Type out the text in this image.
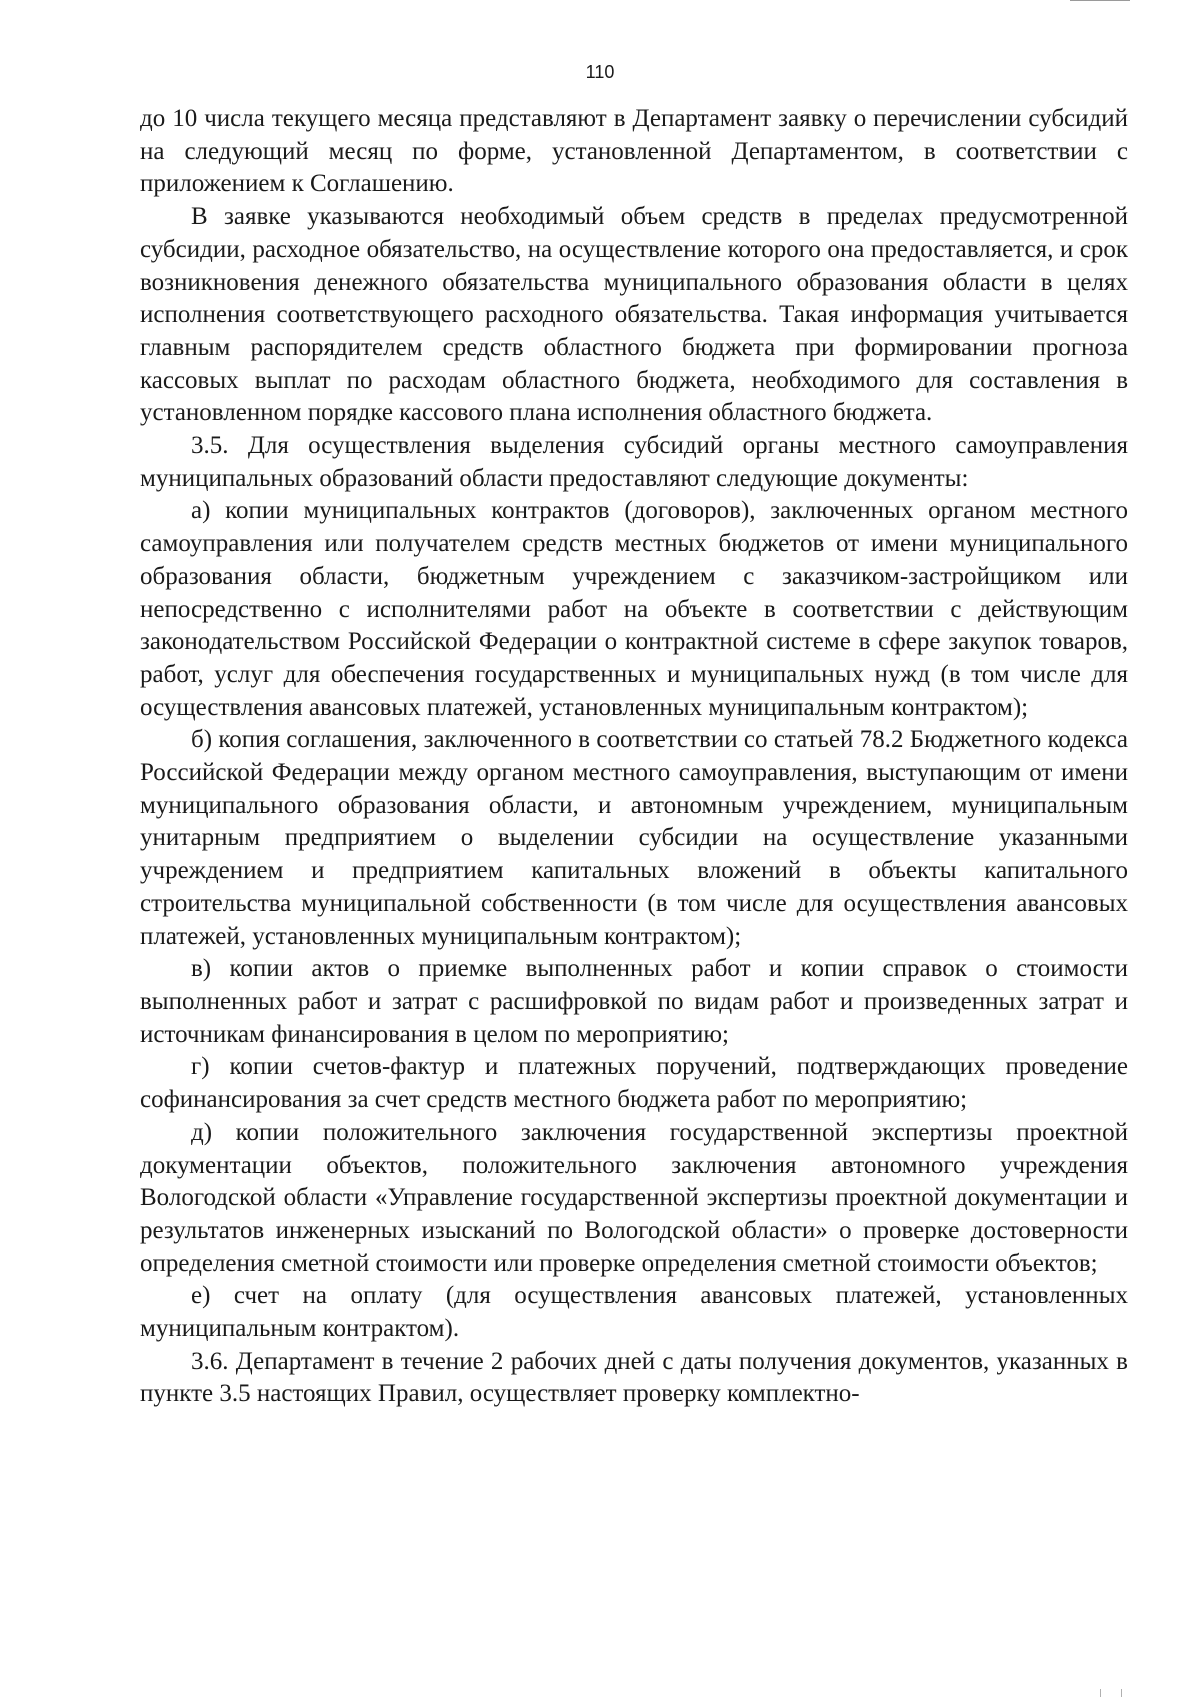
110

до 10 числа текущего месяца представляют в Департамент заявку о перечислении субсидий на следующий месяц по форме, установленной Департаментом, в соответствии с приложением к Соглашению.

В заявке указываются необходимый объем средств в пределах предусмотренной субсидии, расходное обязательство, на осуществление которого она предоставляется, и срок возникновения денежного обязательства муниципального образования области в целях исполнения соответствующего расходного обязательства. Такая информация учитывается главным распорядителем средств областного бюджета при формировании прогноза кассовых выплат по расходам областного бюджета, необходимого для составления в установленном порядке кассового плана исполнения областного бюджета.

3.5. Для осуществления выделения субсидий органы местного самоуправления муниципальных образований области предоставляют следующие документы:

а) копии муниципальных контрактов (договоров), заключенных органом местного самоуправления или получателем средств местных бюджетов от имени муниципального образования области, бюджетным учреждением с заказчиком-застройщиком или непосредственно с исполнителями работ на объекте в соответствии с действующим законодательством Российской Федерации о контрактной системе в сфере закупок товаров, работ, услуг для обеспечения государственных и муниципальных нужд (в том числе для осуществления авансовых платежей, установленных муниципальным контрактом);

б) копия соглашения, заключенного в соответствии со статьей 78.2 Бюджетного кодекса Российской Федерации между органом местного самоуправления, выступающим от имени муниципального образования области, и автономным учреждением, муниципальным унитарным предприятием о выделении субсидии на осуществление указанными учреждением и предприятием капитальных вложений в объекты капитального строительства муниципальной собственности (в том числе для осуществления авансовых платежей, установленных муниципальным контрактом);

в) копии актов о приемке выполненных работ и копии справок о стоимости выполненных работ и затрат с расшифровкой по видам работ и произведенных затрат и источникам финансирования в целом по мероприятию;

г) копии счетов-фактур и платежных поручений, подтверждающих проведение софинансирования за счет средств местного бюджета работ по мероприятию;

д) копии положительного заключения государственной экспертизы проектной документации объектов, положительного заключения автономного учреждения Вологодской области «Управление государственной экспертизы проектной документации и результатов инженерных изысканий по Вологодской области» о проверке достоверности определения сметной стоимости или проверке определения сметной стоимости объектов;

е) счет на оплату (для осуществления авансовых платежей, установленных муниципальным контрактом).

3.6. Департамент в течение 2 рабочих дней с даты получения документов, указанных в пункте 3.5 настоящих Правил, осуществляет проверку комплектно-
